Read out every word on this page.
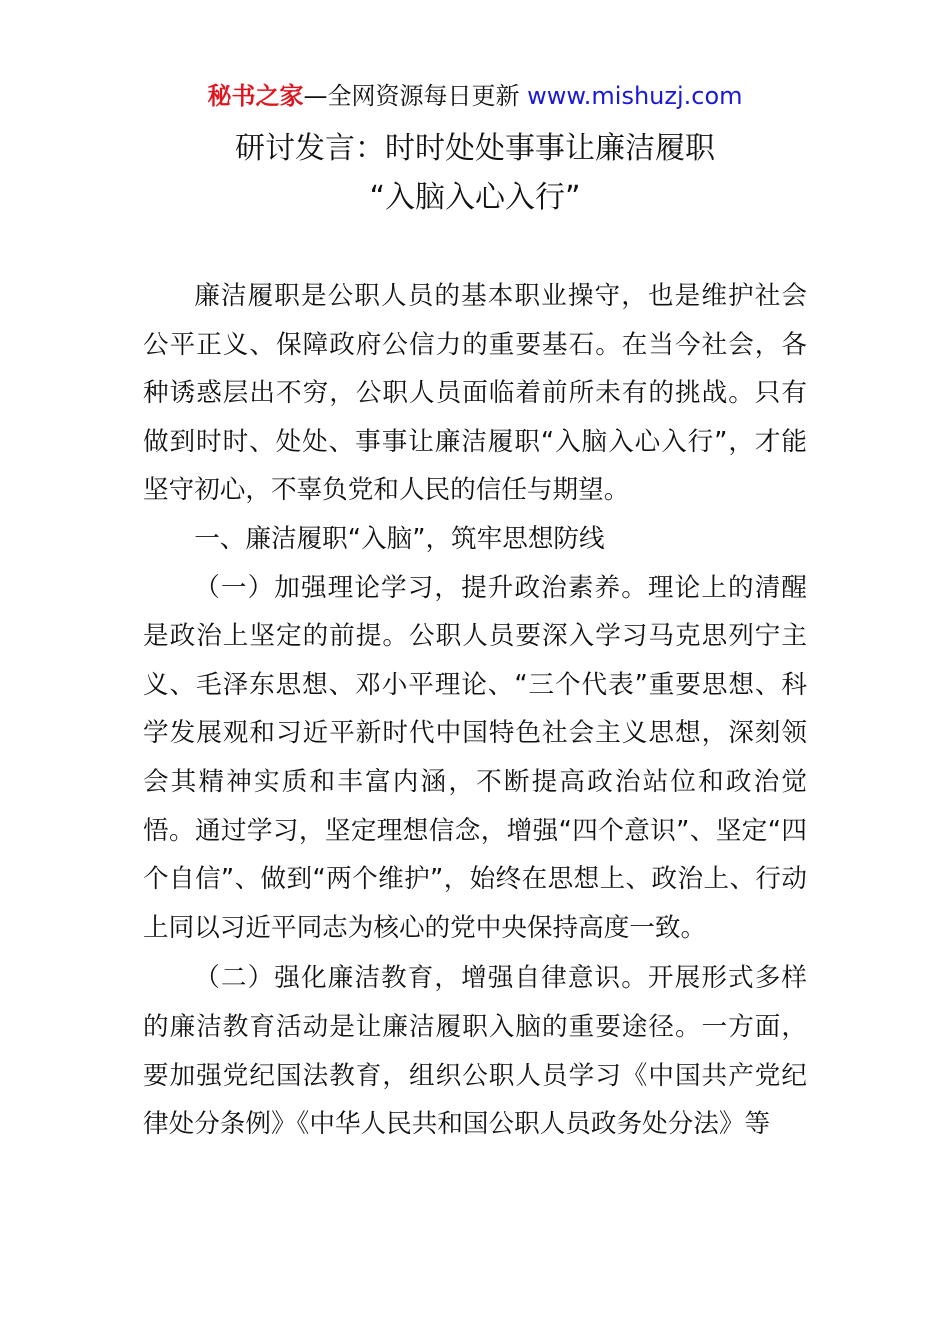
秘书之家—全网资源每日更新 www.mishuzj.com
研讨发言：时时处处事事让廉洁履职
“入脑入心入行”

廉洁履职是公职人员的基本职业操守，也是维护社会公平正义、保障政府公信力的重要基石。在当今社会，各种诱惑层出不穷，公职人员面临着前所未有的挑战。只有做到时时、处处、事事让廉洁履职“入脑入心入行”，才能坚守初心，不辜负党和人民的信任与期望。

一、廉洁履职“入脑”，筑牢思想防线

（一）加强理论学习，提升政治素养。理论上的清醒是政治上坚定的前提。公职人员要深入学习马克思列宁主义、毛泽东思想、邓小平理论、“三个代表”重要思想、科学发展观和习近平新时代中国特色社会主义思想，深刻领会其精神实质和丰富内涵，不断提高政治站位和政治觉悟。通过学习，坚定理想信念，增强“四个意识”、坚定“四个自信”、做到“两个维护”，始终在思想上、政治上、行动上同以习近平同志为核心的党中央保持高度一致。

（二）强化廉洁教育，增强自律意识。开展形式多样的廉洁教育活动是让廉洁履职入脑的重要途径。一方面，要加强党纪国法教育，组织公职人员学习《中国共产党纪律处分条例》《中华人民共和国公职人员政务处分法》等
